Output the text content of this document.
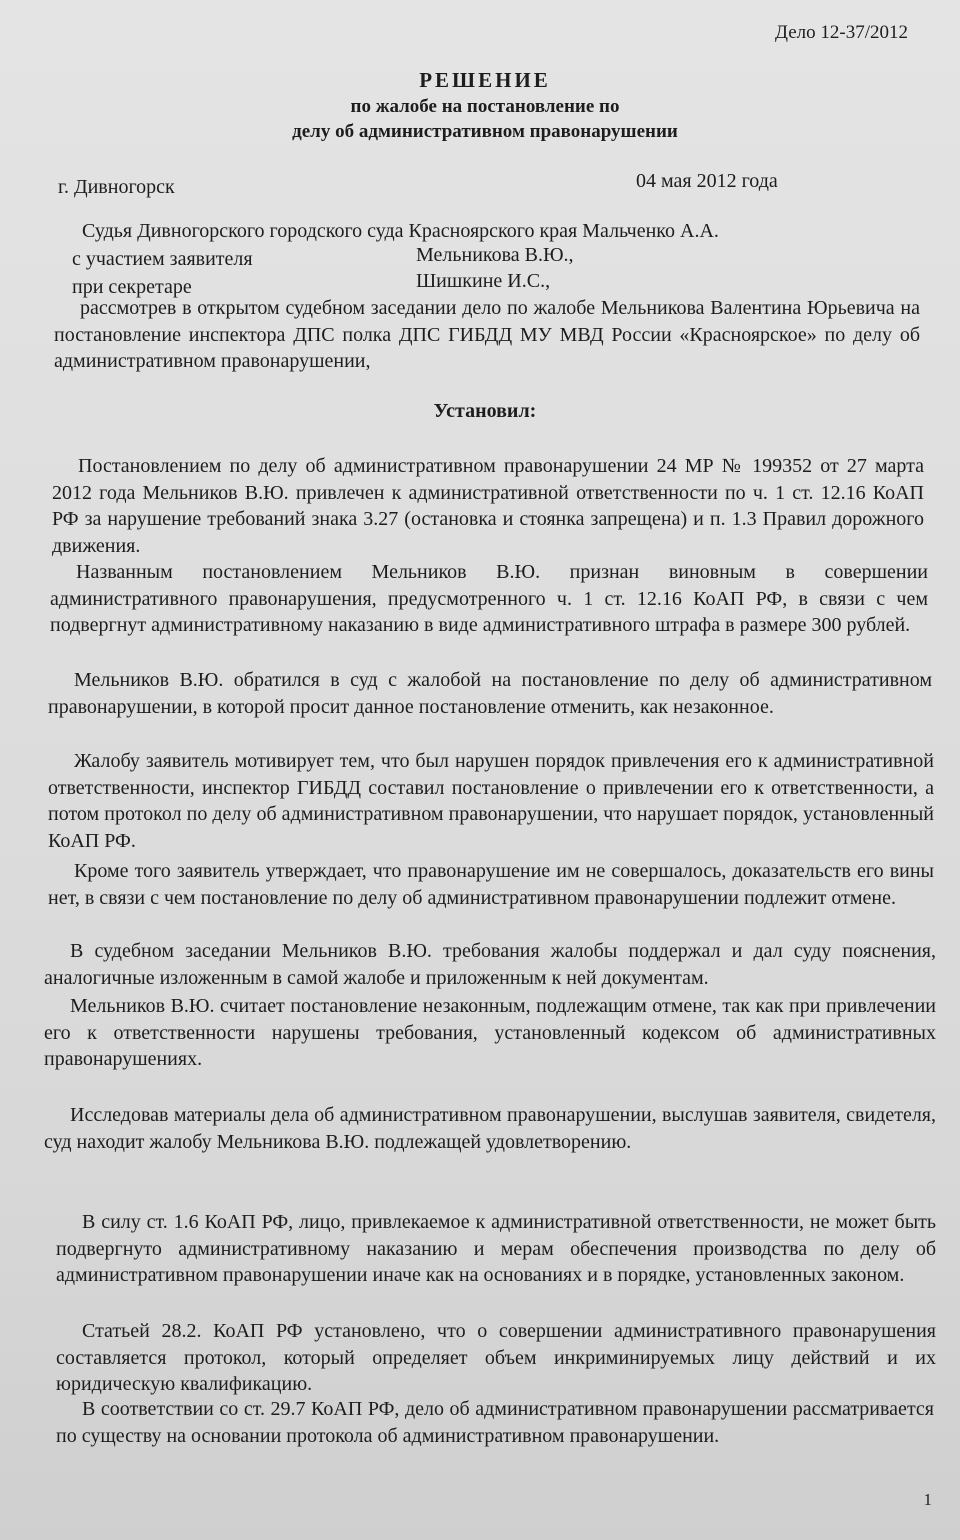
Дело 12-37/2012
РЕШЕНИЕ
по жалобе на постановление по
делу об административном правонарушении
г. Дивногорск	04 мая 2012 года
Судья Дивногорского городского суда Красноярского края Мальченко А.А.
с участием заявителя	Мельникова В.Ю.,
при секретаре	Шишкине И.С.,

рассмотрев в открытом судебном заседании дело по жалобе Мельникова Валентина Юрьевича на постановление инспектора ДПС полка ДПС ГИБДД МУ МВД России «Красноярское» по делу об административном правонарушении,

Установил:

Постановлением по делу об административном правонарушении 24 МР № 199352 от 27 марта 2012 года Мельников В.Ю. привлечен к административной ответственности по ч. 1 ст. 12.16 КоАП РФ за нарушение требований знака 3.27 (остановка и стоянка запрещена) и п. 1.3 Правил дорожного движения.

Названным постановлением Мельников В.Ю. признан виновным в совершении административного правонарушения, предусмотренного ч. 1 ст. 12.16 КоАП РФ, в связи с чем подвергнут административному наказанию в виде административного штрафа в размере 300 рублей.

Мельников В.Ю. обратился в суд с жалобой на постановление по делу об административном правонарушении, в которой просит данное постановление отменить, как незаконное.

Жалобу заявитель мотивирует тем, что был нарушен порядок привлечения его к административной ответственности, инспектор ГИБДД составил постановление о привлечении его к ответственности, а потом протокол по делу об административном правонарушении, что нарушает порядок, установленный КоАП РФ.

Кроме того заявитель утверждает, что правонарушение им не совершалось, доказательств его вины нет, в связи с чем постановление по делу об административном правонарушении подлежит отмене.

В судебном заседании Мельников В.Ю. требования жалобы поддержал и дал суду пояснения, аналогичные изложенным в самой жалобе и приложенным к ней документам.

Мельников В.Ю. считает постановление незаконным, подлежащим отмене, так как при привлечении его к ответственности нарушены требования, установленный кодексом об административных правонарушениях.

Исследовав материалы дела об административном правонарушении, выслушав заявителя, свидетеля, суд находит жалобу Мельникова В.Ю. подлежащей удовлетворению.

В силу ст. 1.6 КоАП РФ, лицо, привлекаемое к административной ответственности, не может быть подвергнуто административному наказанию и мерам обеспечения производства по делу об административном правонарушении иначе как на основаниях и в порядке, установленных законом.

Статьей 28.2. КоАП РФ установлено, что о совершении административного правонарушения составляется протокол, который определяет объем инкриминируемых лицу действий и их юридическую квалификацию.

В соответствии со ст. 29.7 КоАП РФ, дело об административном правонарушении рассматривается по существу на основании протокола об административном правонарушении.

1
